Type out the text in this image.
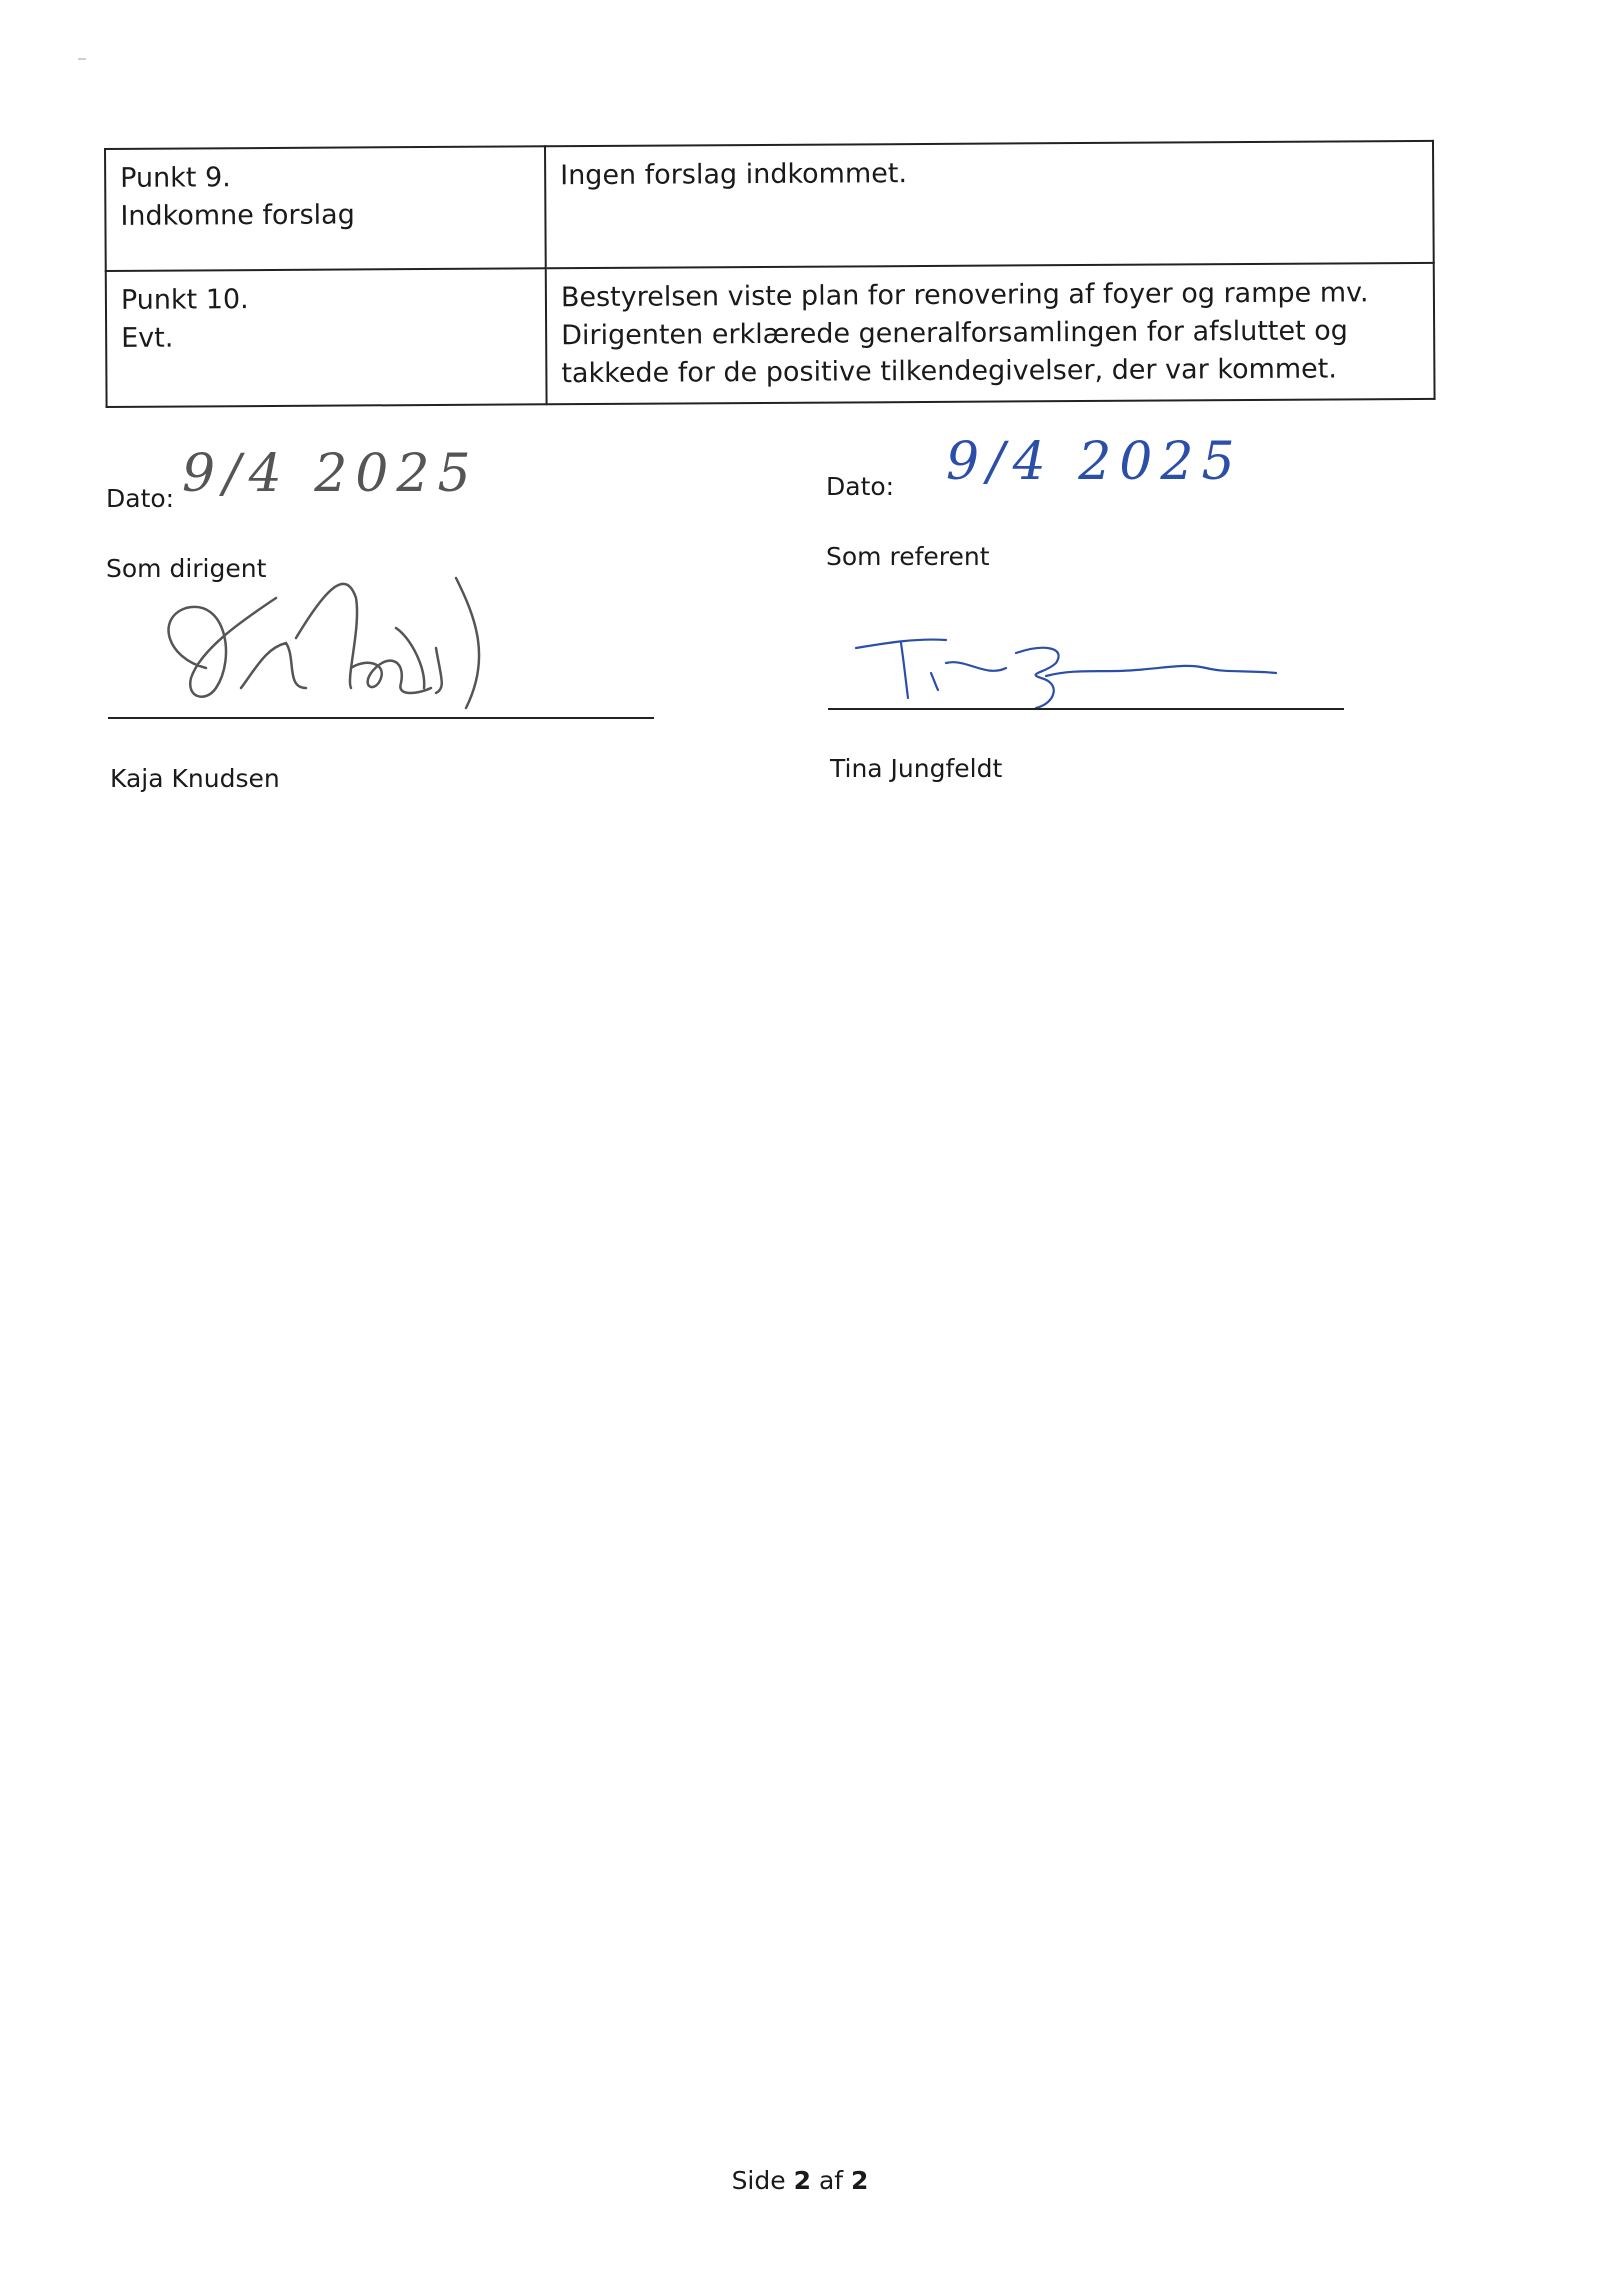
Punkt 9.
Indkomne forslag	Ingen forslag indkommet.

Punkt 10.
Evt.	Bestyrelsen viste plan for renovering af foyer og rampe mv.
Dirigenten erklærede generalforsamlingen for afsluttet og
takkede for de positive tilkendegivelser, der var kommet.
Dato: 9/4 2025
Som dirigent
Kaja Knudsen
Dato: 9/4 2025
Som referent
Tina Jungfeldt
Side 2 af 2
